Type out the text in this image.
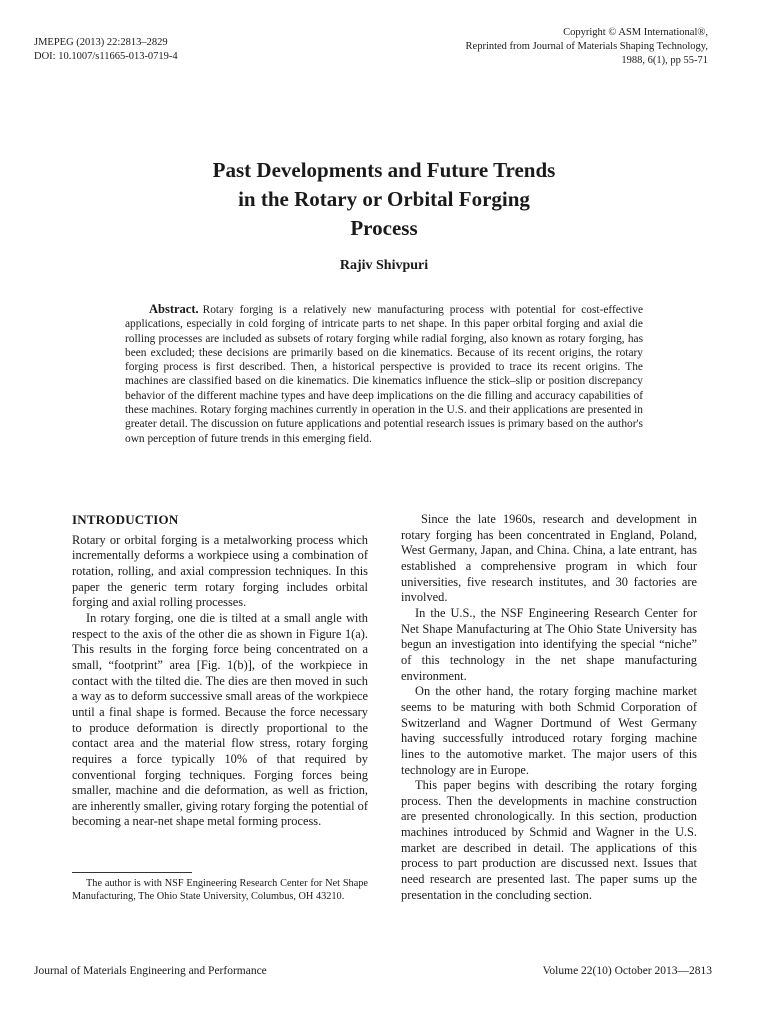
JMEPEG (2013) 22:2813–2829
DOI: 10.1007/s11665-013-0719-4
Copyright © ASM International®,
Reprinted from Journal of Materials Shaping Technology,
1988, 6(1), pp 55-71
Past Developments and Future Trends
in the Rotary or Orbital Forging
Process
Rajiv Shivpuri

Abstract. Rotary forging is a relatively new manufacturing process with potential for cost-effective applications, especially in cold forging of intricate parts to net shape. In this paper orbital forging and axial die rolling processes are included as subsets of rotary forging while radial forging, also known as rotary forging, has been excluded; these decisions are primarily based on die kinematics. Because of its recent origins, the rotary forging process is first described. Then, a historical perspective is provided to trace its recent origins. The machines are classified based on die kinematics. Die kinematics influence the stick–slip or position discrepancy behavior of the different machine types and have deep implications on the die filling and accuracy capabilities of these machines. Rotary forging machines currently in operation in the U.S. and their applications are presented in greater detail. The discussion on future applications and potential research issues is primary based on the author's own perception of future trends in this emerging field.

INTRODUCTION

Rotary or orbital forging is a metalworking process which incrementally deforms a workpiece using a combination of rotation, rolling, and axial compression techniques. In this paper the generic term rotary forging includes orbital forging and axial rolling processes.

In rotary forging, one die is tilted at a small angle with respect to the axis of the other die as shown in Figure 1(a). This results in the forging force being concentrated on a small, “footprint” area [Fig. 1(b)], of the workpiece in contact with the tilted die. The dies are then moved in such a way as to deform successive small areas of the workpiece until a final shape is formed. Because the force necessary to produce deformation is directly proportional to the contact area and the material flow stress, rotary forging requires a force typically 10% of that required by conventional forging techniques. Forging forces being smaller, machine and die deformation, as well as friction, are inherently smaller, giving rotary forging the potential of becoming a near-net shape metal forming process.

Since the late 1960s, research and development in rotary forging has been concentrated in England, Poland, West Germany, Japan, and China. China, a late entrant, has established a comprehensive program in which four universities, five research institutes, and 30 factories are involved.

In the U.S., the NSF Engineering Research Center for Net Shape Manufacturing at The Ohio State University has begun an investigation into identifying the special “niche” of this technology in the net shape manufacturing environment.

On the other hand, the rotary forging machine market seems to be maturing with both Schmid Corporation of Switzerland and Wagner Dortmund of West Germany having successfully introduced rotary forging machine lines to the automotive market. The major users of this technology are in Europe.

This paper begins with describing the rotary forging process. Then the developments in machine construction are presented chronologically. In this section, production machines introduced by Schmid and Wagner in the U.S. market are described in detail. The applications of this process to part production are discussed next. Issues that need research are presented last. The paper sums up the presentation in the concluding section.

The author is with NSF Engineering Research Center for Net Shape Manufacturing, The Ohio State University, Columbus, OH 43210.

Journal of Materials Engineering and Performance	Volume 22(10) October 2013—2813
